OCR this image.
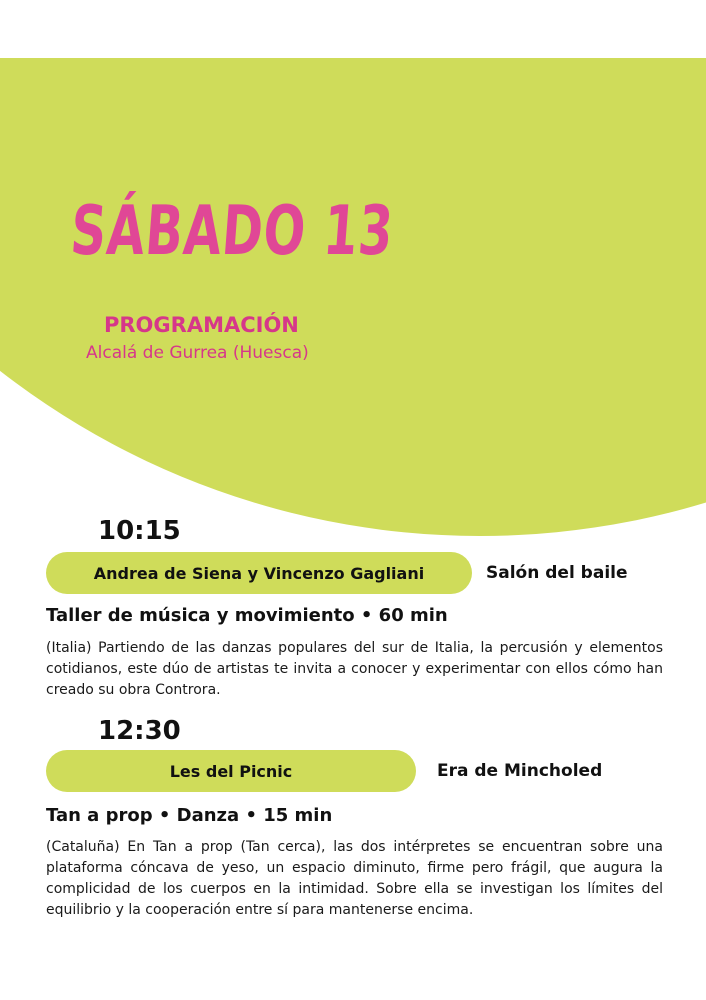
SÁBADO 13
PROGRAMACIÓN
Alcalá de Gurrea (Huesca)
10:15
Andrea de Siena y Vincenzo Gagliani	Salón del baile
Taller de música y movimiento • 60 min
(Italia) Partiendo de las danzas populares del sur de Italia, la percusión y elementos cotidianos, este dúo de artistas te invita a conocer y experimentar con ellos cómo han creado su obra Controra.
12:30
Les del Picnic	Era de Mincholed
Tan a prop • Danza • 15 min
(Cataluña) En Tan a prop (Tan cerca), las dos intérpretes se encuentran sobre una plataforma cóncava de yeso, un espacio diminuto, firme pero frágil, que augura la complicidad de los cuerpos en la intimidad. Sobre ella se investigan los límites del equilibrio y la cooperación entre sí para mantenerse encima.
